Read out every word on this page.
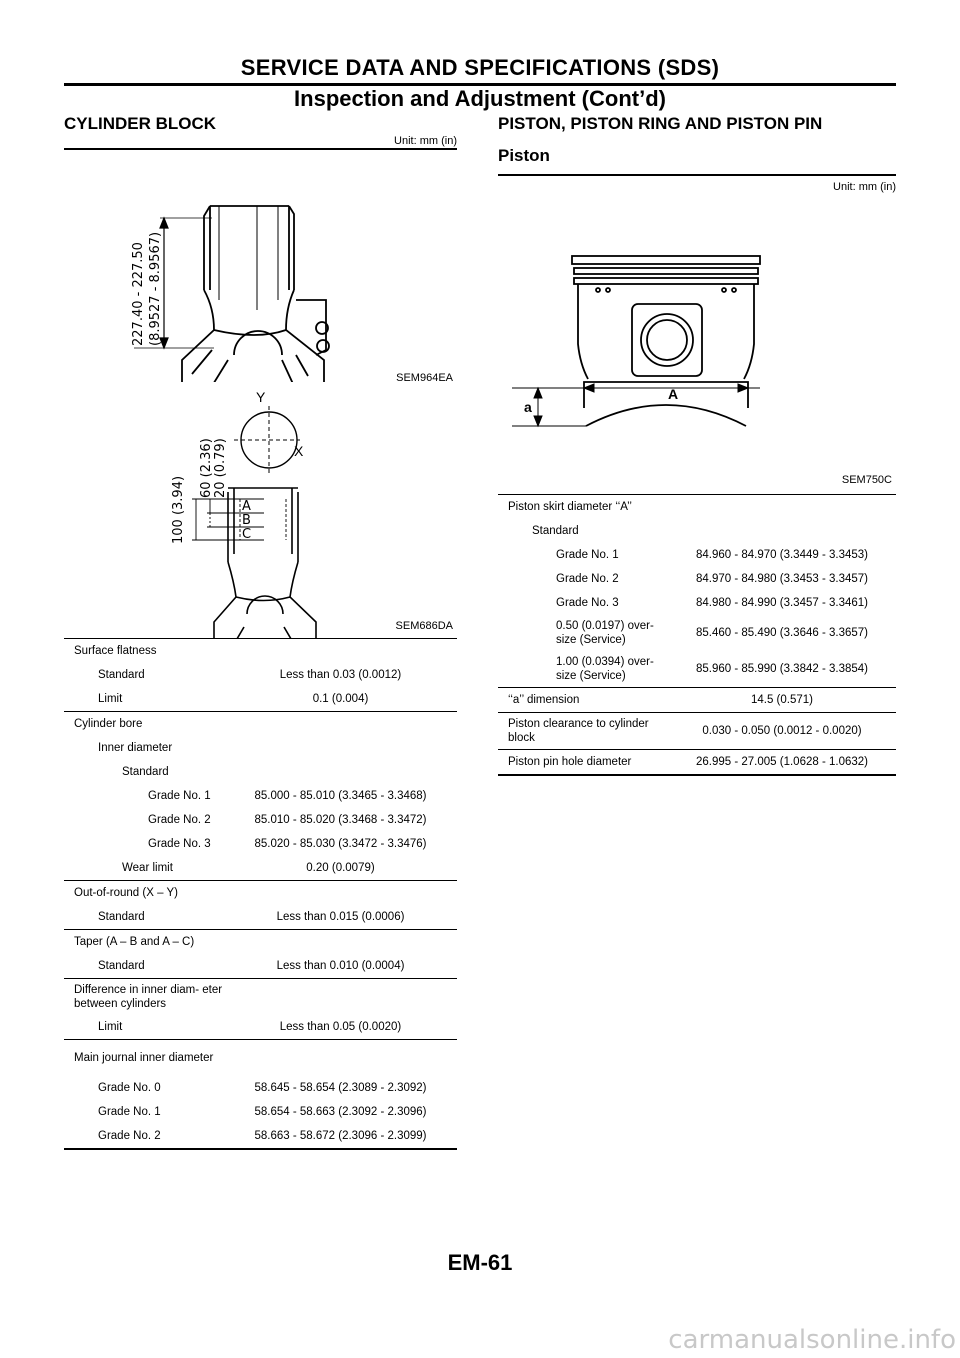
SERVICE DATA AND SPECIFICATIONS (SDS)
Inspection and Adjustment (Cont’d)
CYLINDER BLOCK
Unit: mm (in)
227.40 - 227.50 (8.9527 - 8.9567)
SEM964EA
Y
X
A
B
C
100 (3.94)
60 (2.36) 20 (0.79)
SEM686DA
Surface flatness	
Standard	Less than 0.03 (0.0012)
Limit	0.1 (0.004)
Cylinder bore	
Inner diameter	
Standard	
Grade No. 1	85.000 - 85.010 (3.3465 - 3.3468)
Grade No. 2	85.010 - 85.020 (3.3468 - 3.3472)
Grade No. 3	85.020 - 85.030 (3.3472 - 3.3476)
Wear limit	0.20 (0.0079)
Out-of-round (X – Y)	
Standard	Less than 0.015 (0.0006)
Taper (A – B and A – C)	
Standard	Less than 0.010 (0.0004)
Difference in inner diam- eter between cylinders	
Limit	Less than 0.05 (0.0020)
Main journal inner diameter	
Grade No. 0	58.645 - 58.654 (2.3089 - 2.3092)
Grade No. 1	58.654 - 58.663 (2.3092 - 2.3096)
Grade No. 2	58.663 - 58.672 (2.3096 - 2.3099)
PISTON, PISTON RING AND PISTON PIN
Piston
Unit: mm (in)
A
a
SEM750C
Piston skirt diameter ‘‘A’’	
Standard	
Grade No. 1	84.960 - 84.970 (3.3449 - 3.3453)
Grade No. 2	84.970 - 84.980 (3.3453 - 3.3457)
Grade No. 3	84.980 - 84.990 (3.3457 - 3.3461)
0.50 (0.0197) over- size (Service)	85.460 - 85.490 (3.3646 - 3.3657)
1.00 (0.0394) over- size (Service)	85.960 - 85.990 (3.3842 - 3.3854)
‘‘a’’ dimension	14.5 (0.571)
Piston clearance to cylinder block	0.030 - 0.050 (0.0012 - 0.0020)
Piston pin hole diameter	26.995 - 27.005 (1.0628 - 1.0632)
EM-61
carmanualsonline.info
